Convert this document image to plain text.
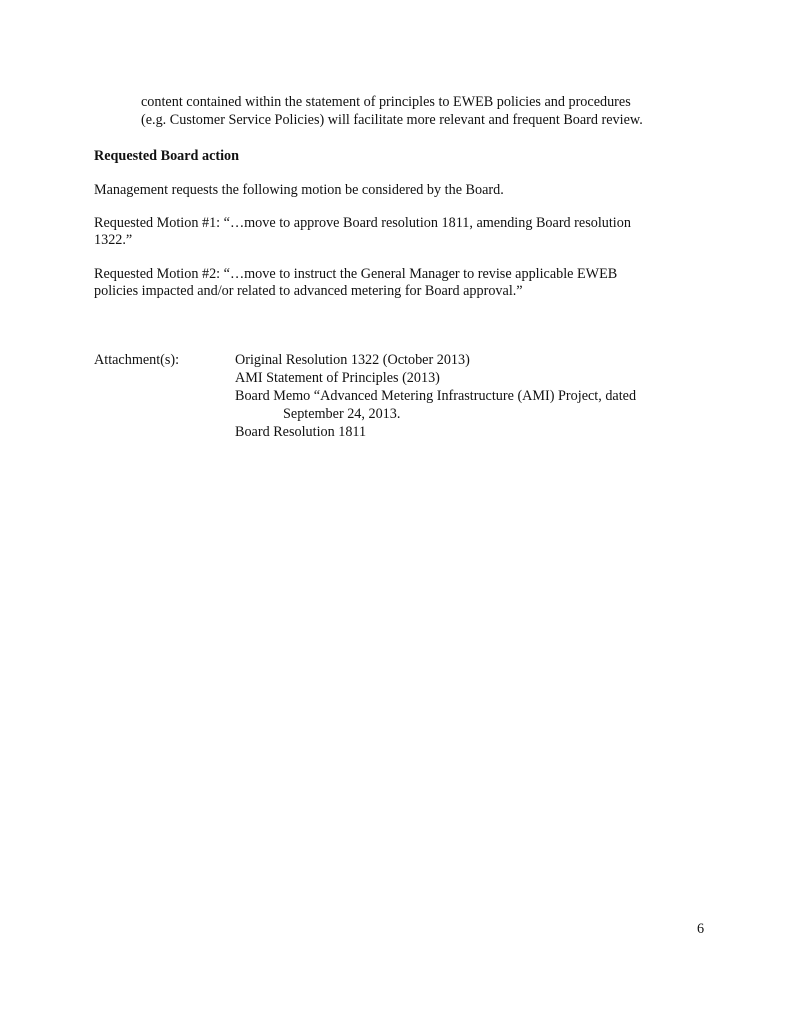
content contained within the statement of principles to EWEB policies and procedures
(e.g. Customer Service Policies) will facilitate more relevant and frequent Board review.
Requested Board action
Management requests the following motion be considered by the Board.
Requested Motion #1: “…move to approve Board resolution 1811, amending Board resolution
1322.”
Requested Motion #2: “…move to instruct the General Manager to revise applicable EWEB
policies impacted and/or related to advanced metering for Board approval.”
Attachment(s):	Original Resolution 1322 (October 2013)
AMI Statement of Principles (2013)
Board Memo “Advanced Metering Infrastructure (AMI) Project, dated
September 24, 2013.
Board Resolution 1811
6
